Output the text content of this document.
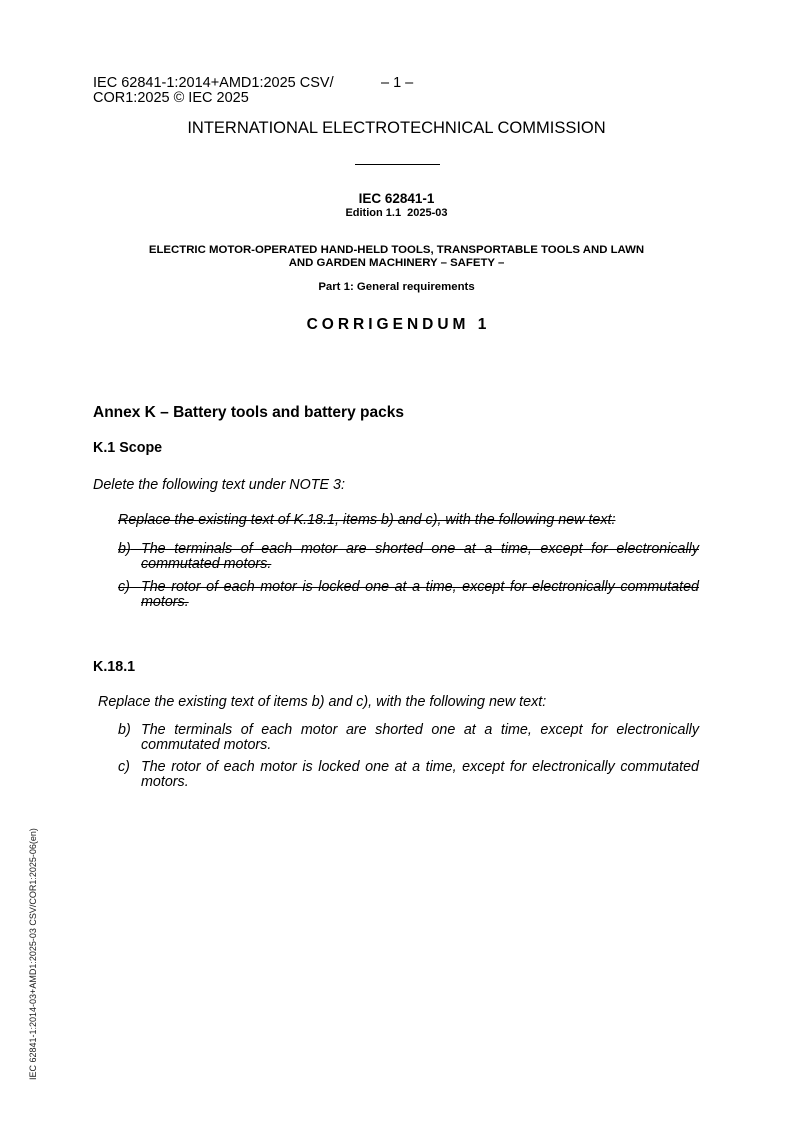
IEC 62841-1:2014+AMD1:2025 CSV/
COR1:2025 © IEC 2025
– 1 –
INTERNATIONAL ELECTROTECHNICAL COMMISSION
IEC 62841-1
Edition 1.1  2025-03
ELECTRIC MOTOR-OPERATED HAND-HELD TOOLS, TRANSPORTABLE TOOLS AND LAWN
AND GARDEN MACHINERY – SAFETY –
Part 1: General requirements
CORRIGENDUM 1
Annex K – Battery tools and battery packs
K.1 Scope
Delete the following text under NOTE 3:
Replace the existing text of K.18.1, items b) and c), with the following new text:
b) The terminals of each motor are shorted one at a time, except for electronically commutated motors.
c) The rotor of each motor is locked one at a time, except for electronically commutated motors.
K.18.1
Replace the existing text of items b) and c), with the following new text:
b) The terminals of each motor are shorted one at a time, except for electronically commutated motors.
c) The rotor of each motor is locked one at a time, except for electronically commutated motors.
IEC 62841-1:2014-03+AMD1:2025-03 CSV/COR1:2025-06(en)
